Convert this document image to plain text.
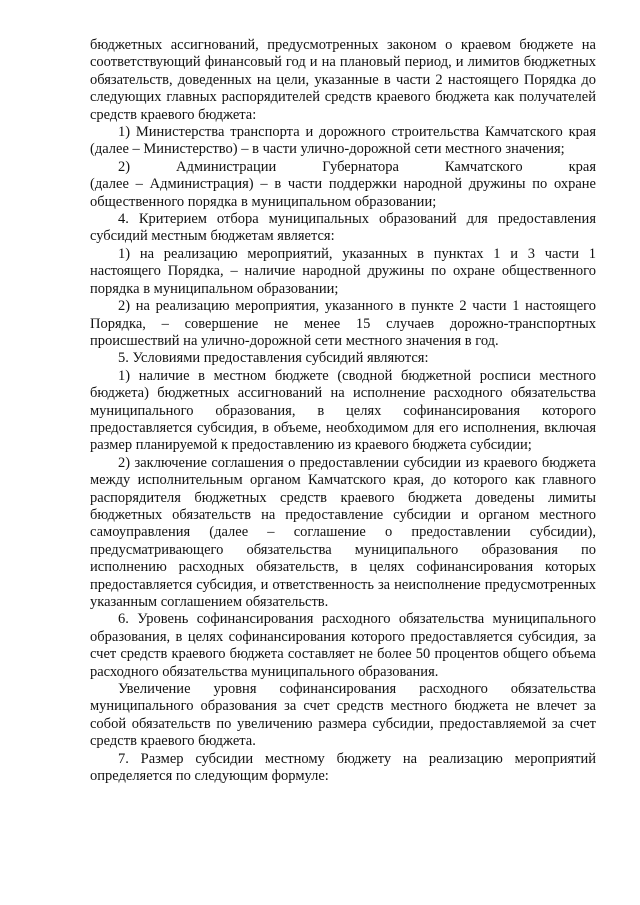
бюджетных ассигнований, предусмотренных законом о краевом бюджете на соответствующий финансовый год и на плановый период, и лимитов бюджетных обязательств, доведенных на цели, указанные в части 2 настоящего Порядка до следующих главных распорядителей средств краевого бюджета как получателей средств краевого бюджета:

1) Министерства транспорта и дорожного строительства Камчатского края (далее – Министерство) – в части улично-дорожной сети местного значения;

2) Администрации Губернатора Камчатского края

(далее – Администрация) – в части поддержки народной дружины по охране общественного порядка в муниципальном образовании;

4. Критерием отбора муниципальных образований для предоставления субсидий местным бюджетам является:

1) на реализацию мероприятий, указанных в пунктах 1 и 3 части 1 настоящего Порядка, – наличие народной дружины по охране общественного порядка в муниципальном образовании;

2) на реализацию мероприятия, указанного в пункте 2 части 1 настоящего Порядка, – совершение не менее 15 случаев дорожно-транспортных происшествий на улично-дорожной сети местного значения в год.

5. Условиями предоставления субсидий являются:

1) наличие в местном бюджете (сводной бюджетной росписи местного бюджета) бюджетных ассигнований на исполнение расходного обязательства муниципального образования, в целях софинансирования которого предоставляется субсидия, в объеме, необходимом для его исполнения, включая размер планируемой к предоставлению из краевого бюджета субсидии;

2) заключение соглашения о предоставлении субсидии из краевого бюджета между исполнительным органом Камчатского края, до которого как главного распорядителя бюджетных средств краевого бюджета доведены лимиты бюджетных обязательств на предоставление субсидии и органом местного самоуправления (далее – соглашение о предоставлении субсидии), предусматривающего обязательства муниципального образования по исполнению расходных обязательств, в целях софинансирования которых предоставляется субсидия, и ответственность за неисполнение предусмотренных указанным соглашением обязательств.

6. Уровень софинансирования расходного обязательства муниципального образования, в целях софинансирования которого предоставляется субсидия, за счет средств краевого бюджета составляет не более 50 процентов общего объема расходного обязательства муниципального образования.

Увеличение уровня софинансирования расходного обязательства муниципального образования за счет средств местного бюджета не влечет за собой обязательств по увеличению размера субсидии, предоставляемой за счет средств краевого бюджета.

7. Размер субсидии местному бюджету на реализацию мероприятий определяется по следующим формуле:
